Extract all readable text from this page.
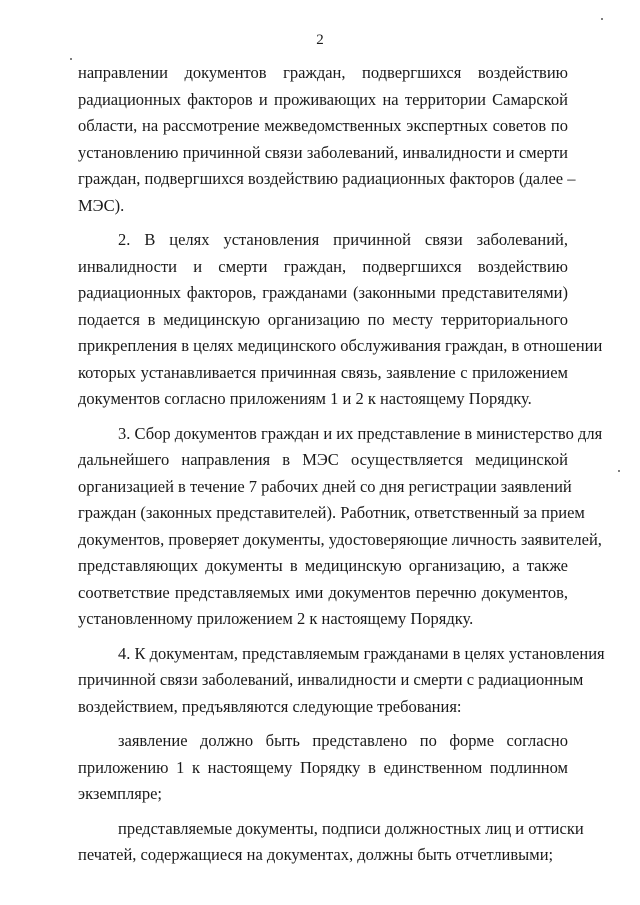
2
направлении документов граждан, подвергшихся воздействию
радиационных факторов и проживающих на территории Самарской
области, на рассмотрение межведомственных экспертных советов по
установлению причинной связи заболеваний, инвалидности и смерти
граждан, подвергшихся воздействию радиационных факторов (далее –
МЭС).
2. В целях установления причинной связи заболеваний,
инвалидности и смерти граждан, подвергшихся воздействию
радиационных факторов, гражданами (законными представителями)
подается в медицинскую организацию по месту территориального
прикрепления в целях медицинского обслуживания граждан, в отношении
которых устанавливается причинная связь, заявление с приложением
документов согласно приложениям 1 и 2 к настоящему Порядку.
3. Сбор документов граждан и их представление в министерство для
дальнейшего направления в МЭС осуществляется медицинской
организацией в течение 7 рабочих дней со дня регистрации заявлений
граждан (законных представителей). Работник, ответственный за прием
документов, проверяет документы, удостоверяющие личность заявителей,
представляющих документы в медицинскую организацию, а также
соответствие представляемых ими документов перечню документов,
установленному приложением 2 к настоящему Порядку.
4. К документам, представляемым гражданами в целях установления
причинной связи заболеваний, инвалидности и смерти с радиационным
воздействием, предъявляются следующие требования:
заявление должно быть представлено по форме согласно
приложению 1 к настоящему Порядку в единственном подлинном
экземпляре;
представляемые документы, подписи должностных лиц и оттиски
печатей, содержащиеся на документах, должны быть отчетливыми;
